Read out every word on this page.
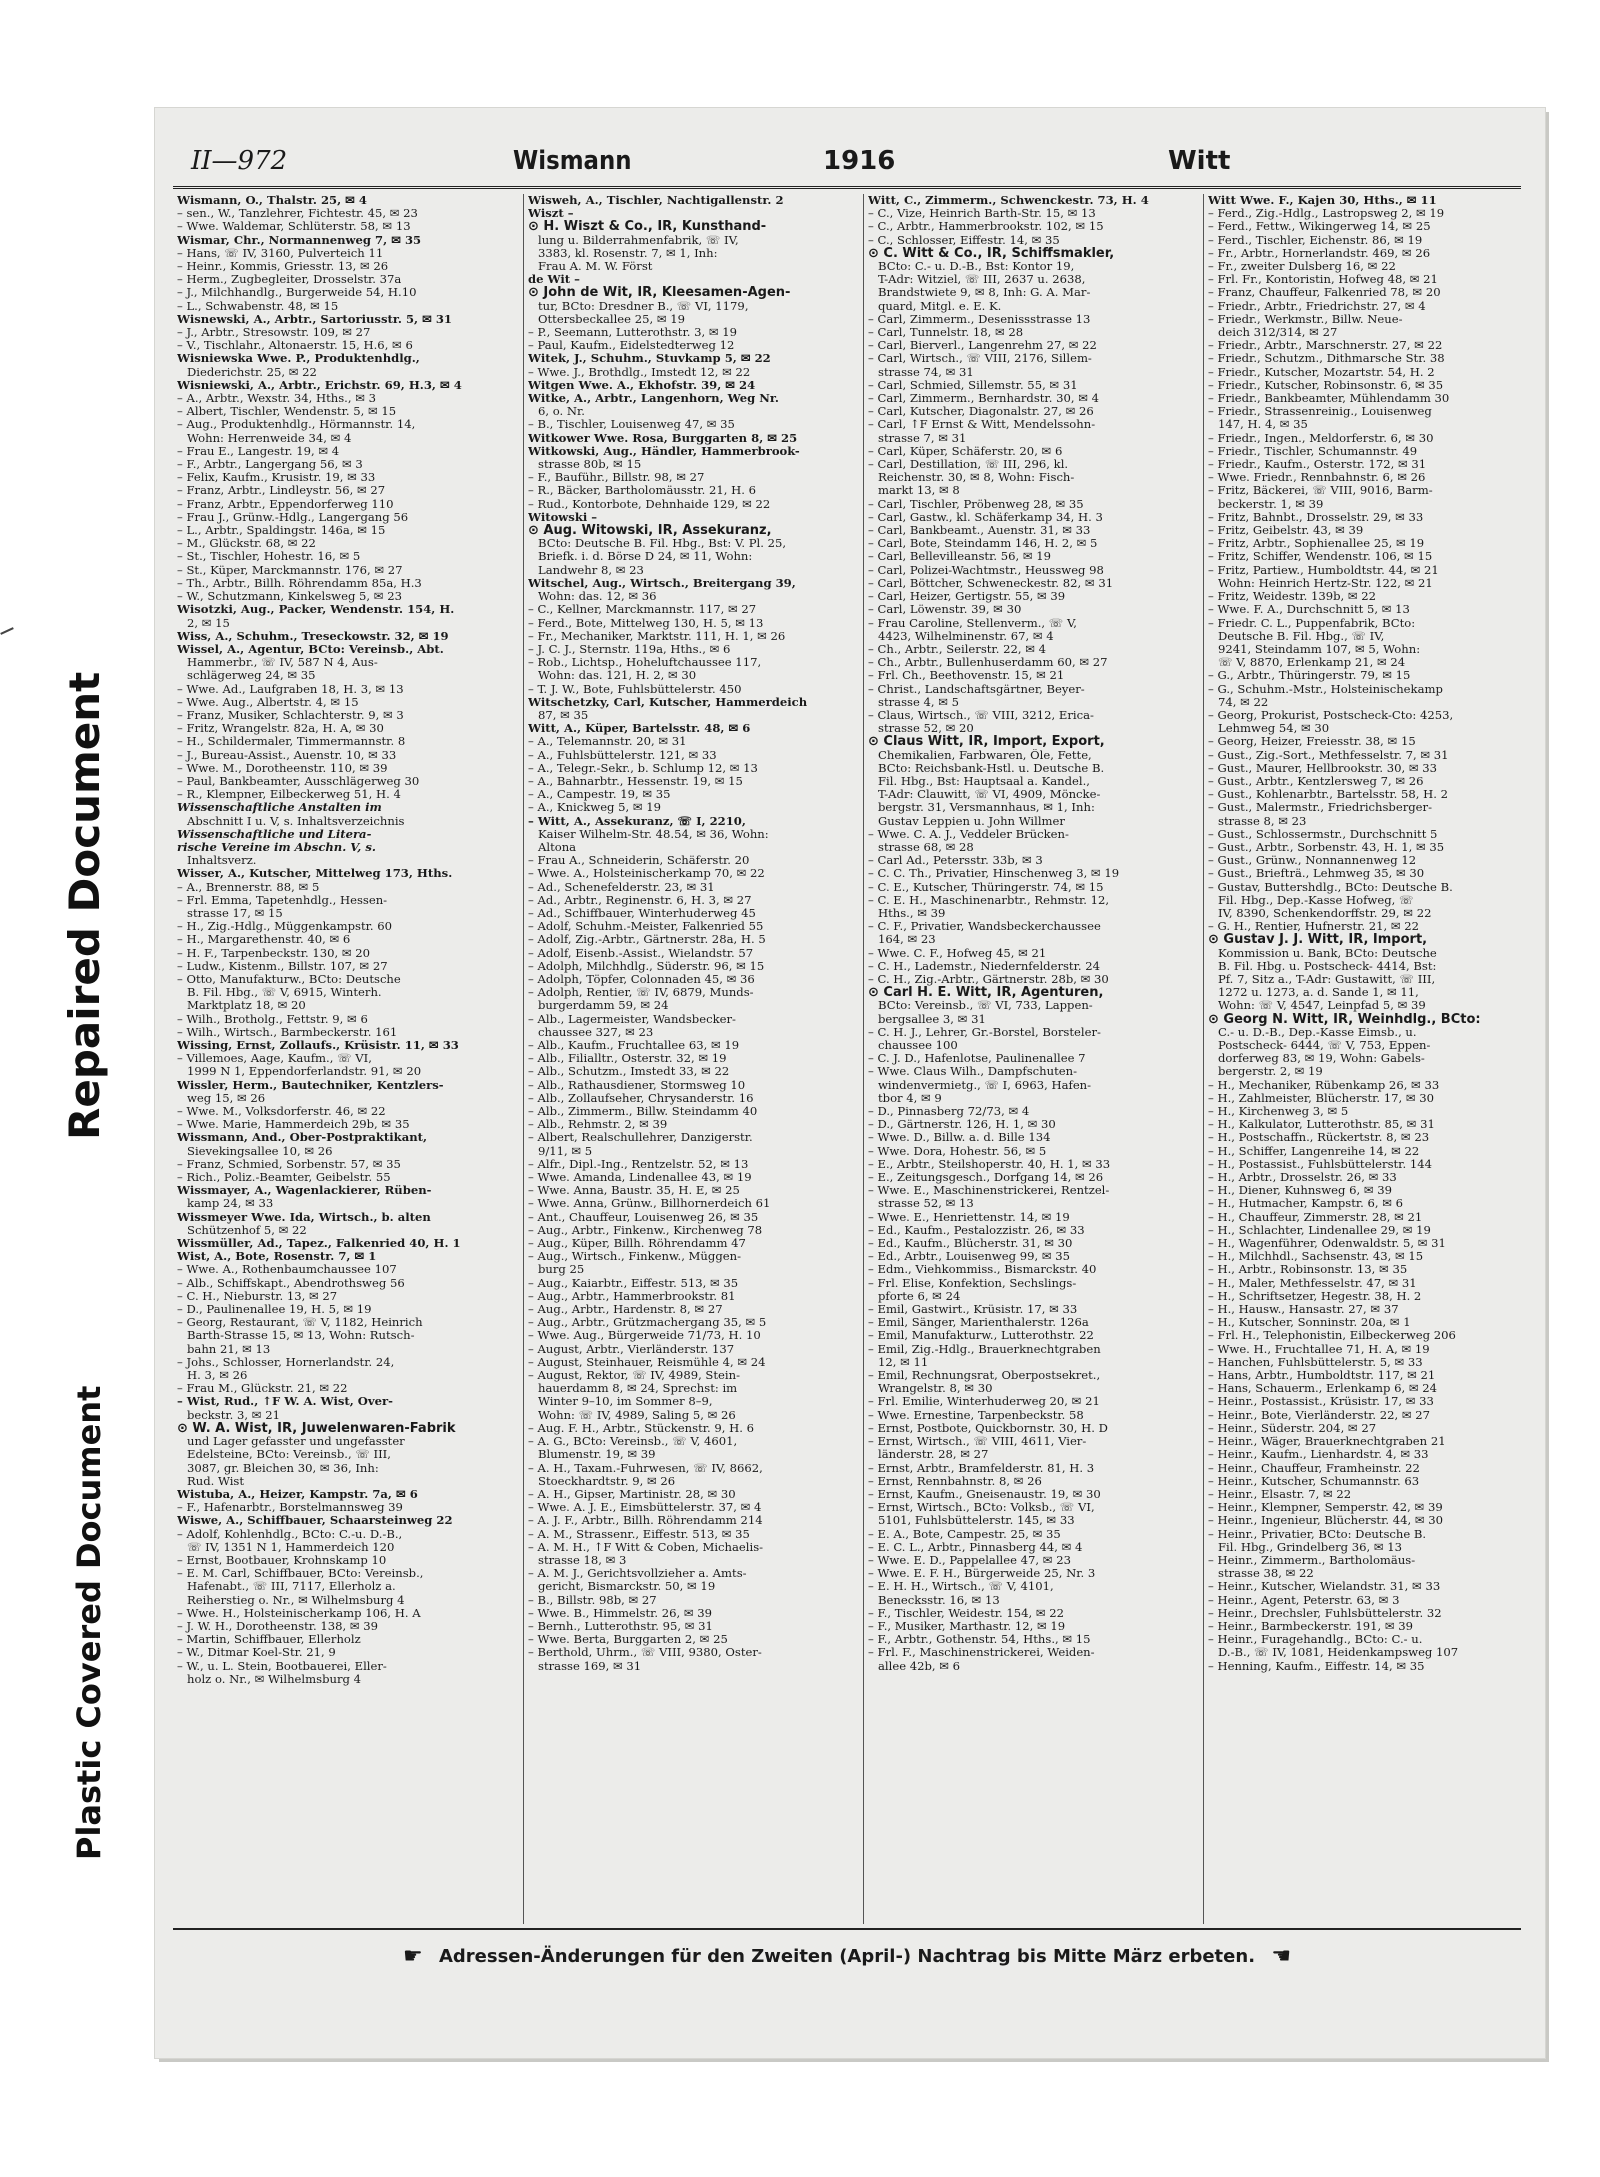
Repaired Document
Plastic Covered Document
II—972	Wismann	1916	Witt
Wismann, O., Thalstr. 25, ✉ 4
– sen., W., Tanzlehrer, Fichtestr. 45, ✉ 23
– Wwe. Waldemar, Schlüterstr. 58, ✉ 13
Wismar, Chr., Normannenweg 7, ✉ 35
– Hans, ☏ IV, 3160, Pulverteich 11
– Heinr., Kommis, Griesstr. 13, ✉ 26
– Herm., Zugbegleiter, Drosselstr. 37a
– J., Milchhandlg., Burgerweide 54, H.10
– L., Schwabenstr. 48, ✉ 15
Wisnewski, A., Arbtr., Sartoriusstr. 5, ✉ 31
– J., Arbtr., Stresowstr. 109, ✉ 27
– V., Tischlahr., Altonaerstr. 15, H.6, ✉ 6
Wisniewska Wwe. P., Produktenhdlg.,
Diederichstr. 25, ✉ 22
Wisniewski, A., Arbtr., Erichstr. 69, H.3, ✉ 4
– A., Arbtr., Wexstr. 34, Hths., ✉ 3
– Albert, Tischler, Wendenstr. 5, ✉ 15
– Aug., Produktenhdlg., Hörmannstr. 14,
Wohn: Herrenweide 34, ✉ 4
– Frau E., Langestr. 19, ✉ 4
– F., Arbtr., Langergang 56, ✉ 3
– Felix, Kaufm., Krusistr. 19, ✉ 33
– Franz, Arbtr., Lindleystr. 56, ✉ 27
– Franz, Arbtr., Eppendorferweg 110
– Frau J., Grünw.-Hdlg., Langergang 56
– L., Arbtr., Spaldingstr. 146a, ✉ 15
– M., Glückstr. 68, ✉ 22
– St., Tischler, Hohestr. 16, ✉ 5
– St., Küper, Marckmannstr. 176, ✉ 27
– Th., Arbtr., Billh. Röhrendamm 85a, H.3
– W., Schutzmann, Kinkelsweg 5, ✉ 23
Wisotzki, Aug., Packer, Wendenstr. 154, H.
2, ✉ 15
Wiss, A., Schuhm., Treseckowstr. 32, ✉ 19
Wissel, A., Agentur, BCto: Vereinsb., Abt.
Hammerbr., ☏ IV, 587 N 4, Aus-
schlägerweg 24, ✉ 35
– Wwe. Ad., Laufgraben 18, H. 3, ✉ 13
– Wwe. Aug., Albertstr. 4, ✉ 15
– Franz, Musiker, Schlachterstr. 9, ✉ 3
– Fritz, Wrangelstr. 82a, H. A, ✉ 30
– H., Schildermaler, Timmermannstr. 8
– J., Bureau-Assist., Auenstr. 10, ✉ 33
– Wwe. M., Dorotheenstr. 110, ✉ 39
– Paul, Bankbeamter, Ausschlägerweg 30
– R., Klempner, Eilbeckerweg 51, H. 4
Wissenschaftliche Anstalten im
Abschnitt I u. V, s. Inhaltsverzeichnis
Wissenschaftliche und Litera-
rische Vereine im Abschn. V, s.
Inhaltsverz.
Wisser, A., Kutscher, Mittelweg 173, Hths.
– A., Brennerstr. 88, ✉ 5
– Frl. Emma, Tapetenhdlg., Hessen-
strasse 17, ✉ 15
– H., Zig.-Hdlg., Müggenkampstr. 60
– H., Margarethenstr. 40, ✉ 6
– H. F., Tarpenbeckstr. 130, ✉ 20
– Ludw., Kistenm., Billstr. 107, ✉ 27
– Otto, Manufakturw., BCto: Deutsche
B. Fil. Hbg., ☏ V, 6915, Winterh.
Marktplatz 18, ✉ 20
– Wilh., Brotholg., Fettstr. 9, ✉ 6
– Wilh., Wirtsch., Barmbeckerstr. 161
Wissing, Ernst, Zollaufs., Krüsistr. 11, ✉ 33
– Villemoes, Aage, Kaufm., ☏ VI,
1999 N 1, Eppendorferlandstr. 91, ✉ 20
Wissler, Herm., Bautechniker, Kentzlers-
weg 15, ✉ 26
– Wwe. M., Volksdorferstr. 46, ✉ 22
– Wwe. Marie, Hammerdeich 29b, ✉ 35
Wissmann, And., Ober-Postpraktikant,
Sievekingsallee 10, ✉ 26
– Franz, Schmied, Sorbenstr. 57, ✉ 35
– Rich., Poliz.-Beamter, Geibelstr. 55
Wissmayer, A., Wagenlackierer, Rüben-
kamp 24, ✉ 33
Wissmeyer Wwe. Ida, Wirtsch., b. alten
Schützenhof 5, ✉ 22
Wissmüller, Ad., Tapez., Falkenried 40, H. 1
Wist, A., Bote, Rosenstr. 7, ✉ 1
– Wwe. A., Rothenbaumchaussee 107
– Alb., Schiffskapt., Abendrothsweg 56
– C. H., Nieburstr. 13, ✉ 27
– D., Paulinenallee 19, H. 5, ✉ 19
– Georg, Restaurant, ☏ V, 1182, Heinrich
Barth-Strasse 15, ✉ 13, Wohn: Rutsch-
bahn 21, ✉ 13
– Johs., Schlosser, Hornerlandstr. 24,
H. 3, ✉ 26
– Frau M., Glückstr. 21, ✉ 22
– Wist, Rud., ↑F W. A. Wist, Over-
beckstr. 3, ✉ 21
⊙ W. A. Wist, IR, Juwelenwaren-Fabrik
und Lager gefasster und ungefasster
Edelsteine, BCto: Vereinsb., ☏ III,
3087, gr. Bleichen 30, ✉ 36, Inh:
Rud. Wist
Wistuba, A., Heizer, Kampstr. 7a, ✉ 6
– F., Hafenarbtr., Borstelmannsweg 39
Wiswe, A., Schiffbauer, Schaarsteinweg 22
– Adolf, Kohlenhdlg., BCto: C.-u. D.-B.,
☏ IV, 1351 N 1, Hammerdeich 120
– Ernst, Bootbauer, Krohnskamp 10
– E. M. Carl, Schiffbauer, BCto: Vereinsb.,
Hafenabt., ☏ III, 7117, Ellerholz a.
Reiherstieg o. Nr., ✉ Wilhelmsburg 4
– Wwe. H., Holsteinischerkamp 106, H. A
– J. W. H., Dorotheenstr. 138, ✉ 39
– Martin, Schiffbauer, Ellerholz
– W., Ditmar Koel-Str. 21, 9
– W., u. L. Stein, Bootbauerei, Eller-
holz o. Nr., ✉ Wilhelmsburg 4
Wisweh, A., Tischler, Nachtigallenstr. 2
Wiszt –
⊙ H. Wiszt & Co., IR, Kunsthand-
lung u. Bilderrahmenfabrik, ☏ IV,
3383, kl. Rosenstr. 7, ✉ 1, Inh:
Frau A. M. W. Först
de Wit –
⊙ John de Wit, IR, Kleesamen-Agen-
tur, BCto: Dresdner B., ☏ VI, 1179,
Ottersbeckallee 25, ✉ 19
– P., Seemann, Lutterothstr. 3, ✉ 19
– Paul, Kaufm., Eidelstedterweg 12
Witek, J., Schuhm., Stuvkamp 5, ✉ 22
– Wwe. J., Brothdlg., Imstedt 12, ✉ 22
Witgen Wwe. A., Ekhofstr. 39, ✉ 24
Witke, A., Arbtr., Langenhorn, Weg Nr.
6, o. Nr.
– B., Tischler, Louisenweg 47, ✉ 35
Witkower Wwe. Rosa, Burggarten 8, ✉ 25
Witkowski, Aug., Händler, Hammerbrook-
strasse 80b, ✉ 15
– F., Bauführ., Billstr. 98, ✉ 27
– R., Bäcker, Bartholomäusstr. 21, H. 6
– Rud., Kontorbote, Dehnhaide 129, ✉ 22
Witowski –
⊙ Aug. Witowski, IR, Assekuranz,
BCto: Deutsche B. Fil. Hbg., Bst: V. Pl. 25,
Briefk. i. d. Börse D 24, ✉ 11, Wohn:
Landwehr 8, ✉ 23
Witschel, Aug., Wirtsch., Breitergang 39,
Wohn: das. 12, ✉ 36
– C., Kellner, Marckmannstr. 117, ✉ 27
– Ferd., Bote, Mittelweg 130, H. 5, ✉ 13
– Fr., Mechaniker, Marktstr. 111, H. 1, ✉ 26
– J. C. J., Sternstr. 119a, Hths., ✉ 6
– Rob., Lichtsp., Hoheluftchaussee 117,
Wohn: das. 121, H. 2, ✉ 30
– T. J. W., Bote, Fuhlsbüttelerstr. 450
Witschetzky, Carl, Kutscher, Hammerdeich
87, ✉ 35
Witt, A., Küper, Bartelsstr. 48, ✉ 6
– A., Telemannstr. 20, ✉ 31
– A., Fuhlsbüttelerstr. 121, ✉ 33
– A., Telegr.-Sekr., b. Schlump 12, ✉ 13
– A., Bahnarbtr., Hessenstr. 19, ✉ 15
– A., Campestr. 19, ✉ 35
– A., Knickweg 5, ✉ 19
– Witt, A., Assekuranz, ☏ I, 2210,
Kaiser Wilhelm-Str. 48.54, ✉ 36, Wohn:
Altona
– Frau A., Schneiderin, Schäferstr. 20
– Wwe. A., Holsteinischerkamp 70, ✉ 22
– Ad., Schenefelderstr. 23, ✉ 31
– Ad., Arbtr., Reginenstr. 6, H. 3, ✉ 27
– Ad., Schiffbauer, Winterhuderweg 45
– Adolf, Schuhm.-Meister, Falkenried 55
– Adolf, Zig.-Arbtr., Gärtnerstr. 28a, H. 5
– Adolf, Eisenb.-Assist., Wielandstr. 57
– Adolph, Milchhdlg., Süderstr. 96, ✉ 15
– Adolph, Töpfer, Colonnaden 45, ✉ 36
– Adolph, Rentier, ☏ IV, 6879, Munds-
burgerdamm 59, ✉ 24
– Alb., Lagermeister, Wandsbecker-
chaussee 327, ✉ 23
– Alb., Kaufm., Fruchtallee 63, ✉ 19
– Alb., Filialltr., Osterstr. 32, ✉ 19
– Alb., Schutzm., Imstedt 33, ✉ 22
– Alb., Rathausdiener, Stormsweg 10
– Alb., Zollaufseher, Chrysanderstr. 16
– Alb., Zimmerm., Billw. Steindamm 40
– Alb., Rehmstr. 2, ✉ 39
– Albert, Realschullehrer, Danzigerstr.
9/11, ✉ 5
– Alfr., Dipl.-Ing., Rentzelstr. 52, ✉ 13
– Wwe. Amanda, Lindenallee 43, ✉ 19
– Wwe. Anna, Baustr. 35, H. E, ✉ 25
– Wwe. Anna, Grünw., Billhornerdeich 61
– Ant., Chauffeur, Louisenweg 26, ✉ 35
– Aug., Arbtr., Finkenw., Kirchenweg 78
– Aug., Küper, Billh. Röhrendamm 47
– Aug., Wirtsch., Finkenw., Müggen-
burg 25
– Aug., Kaiarbtr., Eiffestr. 513, ✉ 35
– Aug., Arbtr., Hammerbrookstr. 81
– Aug., Arbtr., Hardenstr. 8, ✉ 27
– Aug., Arbtr., Grützmachergang 35, ✉ 5
– Wwe. Aug., Bürgerweide 71/73, H. 10
– August, Arbtr., Vierländerstr. 137
– August, Steinhauer, Reismühle 4, ✉ 24
– August, Rektor, ☏ IV, 4989, Stein-
hauerdamm 8, ✉ 24, Sprechst: im
Winter 9–10, im Sommer 8–9,
Wohn: ☏ IV, 4989, Saling 5, ✉ 26
– Aug. F. H., Arbtr., Stückenstr. 9, H. 6
– A. G., BCto: Vereinsb., ☏ V, 4601,
Blumenstr. 19, ✉ 39
– A. H., Taxam.-Fuhrwesen, ☏ IV, 8662,
Stoeckhardtstr. 9, ✉ 26
– A. H., Gipser, Martinistr. 28, ✉ 30
– Wwe. A. J. E., Eimsbüttelerstr. 37, ✉ 4
– A. J. F., Arbtr., Billh. Röhrendamm 214
– A. M., Strassenr., Eiffestr. 513, ✉ 35
– A. M. H., ↑F Witt & Coben, Michaelis-
strasse 18, ✉ 3
– A. M. J., Gerichtsvollzieher a. Amts-
gericht, Bismarckstr. 50, ✉ 19
– B., Billstr. 98b, ✉ 27
– Wwe. B., Himmelstr. 26, ✉ 39
– Bernh., Lutterothstr. 95, ✉ 31
– Wwe. Berta, Burggarten 2, ✉ 25
– Berthold, Uhrm., ☏ VIII, 9380, Oster-
strasse 169, ✉ 31
Witt, C., Zimmerm., Schwenckestr. 73, H. 4
– C., Vize, Heinrich Barth-Str. 15, ✉ 13
– C., Arbtr., Hammerbrookstr. 102, ✉ 15
– C., Schlosser, Eiffestr. 14, ✉ 35
⊙ C. Witt & Co., IR, Schiffsmakler,
BCto: C.- u. D.-B., Bst: Kontor 19,
T-Adr: Witziel, ☏ III, 2637 u. 2638,
Brandstwiete 9, ✉ 8, Inh: G. A. Mar-
quard, Mitgl. e. E. K.
– Carl, Zimmerm., Desenissstrasse 13
– Carl, Tunnelstr. 18, ✉ 28
– Carl, Bierverl., Langenrehm 27, ✉ 22
– Carl, Wirtsch., ☏ VIII, 2176, Sillem-
strasse 74, ✉ 31
– Carl, Schmied, Sillemstr. 55, ✉ 31
– Carl, Zimmerm., Bernhardstr. 30, ✉ 4
– Carl, Kutscher, Diagonalstr. 27, ✉ 26
– Carl, ↑F Ernst & Witt, Mendelssohn-
strasse 7, ✉ 31
– Carl, Küper, Schäferstr. 20, ✉ 6
– Carl, Destillation, ☏ III, 296, kl.
Reichenstr. 30, ✉ 8, Wohn: Fisch-
markt 13, ✉ 8
– Carl, Tischler, Pröbenweg 28, ✉ 35
– Carl, Gastw., kl. Schäferkamp 34, H. 3
– Carl, Bankbeamt., Auenstr. 31, ✉ 33
– Carl, Bote, Steindamm 146, H. 2, ✉ 5
– Carl, Bellevilleanstr. 56, ✉ 19
– Carl, Polizei-Wachtmstr., Heussweg 98
– Carl, Böttcher, Schweneckestr. 82, ✉ 31
– Carl, Heizer, Gertigstr. 55, ✉ 39
– Carl, Löwenstr. 39, ✉ 30
– Frau Caroline, Stellenverm., ☏ V,
4423, Wilhelminenstr. 67, ✉ 4
– Ch., Arbtr., Seilerstr. 22, ✉ 4
– Ch., Arbtr., Bullenhuserdamm 60, ✉ 27
– Frl. Ch., Beethovenstr. 15, ✉ 21
– Christ., Landschaftsgärtner, Beyer-
strasse 4, ✉ 5
– Claus, Wirtsch., ☏ VIII, 3212, Erica-
strasse 52, ✉ 20
⊙ Claus Witt, IR, Import, Export,
Chemikalien, Farbwaren, Öle, Fette,
BCto: Reichsbank-Hstl. u. Deutsche B.
Fil. Hbg., Bst: Hauptsaal a. Kandel.,
T-Adr: Clauwitt, ☏ VI, 4909, Möncke-
bergstr. 31, Versmannhaus, ✉ 1, Inh:
Gustav Leppien u. John Willmer
– Wwe. C. A. J., Veddeler Brücken-
strasse 68, ✉ 28
– Carl Ad., Petersstr. 33b, ✉ 3
– C. C. Th., Privatier, Hinschenweg 3, ✉ 19
– C. E., Kutscher, Thüringerstr. 74, ✉ 15
– C. E. H., Maschinenarbtr., Rehmstr. 12,
Hths., ✉ 39
– C. F., Privatier, Wandsbeckerchaussee
164, ✉ 23
– Wwe. C. F., Hofweg 45, ✉ 21
– C. H., Lademstr., Niedernfelderstr. 24
– C. H., Zig.-Arbtr., Gärtnerstr. 28b, ✉ 30
⊙ Carl H. E. Witt, IR, Agenturen,
BCto: Vereinsb., ☏ VI, 733, Lappen-
bergsallee 3, ✉ 31
– C. H. J., Lehrer, Gr.-Borstel, Borsteler-
chaussee 100
– C. J. D., Hafenlotse, Paulinenallee 7
– Wwe. Claus Wilh., Dampfschuten-
windenvermietg., ☏ I, 6963, Hafen-
tbor 4, ✉ 9
– D., Pinnasberg 72/73, ✉ 4
– D., Gärtnerstr. 126, H. 1, ✉ 30
– Wwe. D., Billw. a. d. Bille 134
– Wwe. Dora, Hohestr. 56, ✉ 5
– E., Arbtr., Steilshoperstr. 40, H. 1, ✉ 33
– E., Zeitungsgesch., Dorfgang 14, ✉ 26
– Wwe. E., Maschinenstrickerei, Rentzel-
strasse 52, ✉ 13
– Wwe. E., Henriettenstr. 14, ✉ 19
– Ed., Kaufm., Pestalozzistr. 26, ✉ 33
– Ed., Kaufm., Blücherstr. 31, ✉ 30
– Ed., Arbtr., Louisenweg 99, ✉ 35
– Edm., Viehkommiss., Bismarckstr. 40
– Frl. Elise, Konfektion, Sechslings-
pforte 6, ✉ 24
– Emil, Gastwirt., Krüsistr. 17, ✉ 33
– Emil, Sänger, Marienthalerstr. 126a
– Emil, Manufakturw., Lutterothstr. 22
– Emil, Zig.-Hdlg., Brauerknechtgraben
12, ✉ 11
– Emil, Rechnungsrat, Oberpostsekret.,
Wrangelstr. 8, ✉ 30
– Frl. Emilie, Winterhuderweg 20, ✉ 21
– Wwe. Ernestine, Tarpenbeckstr. 58
– Ernst, Postbote, Quickbornstr. 30, H. D
– Ernst, Wirtsch., ☏ VIII, 4611, Vier-
länderstr. 28, ✉ 27
– Ernst, Arbtr., Bramfelderstr. 81, H. 3
– Ernst, Rennbahnstr. 8, ✉ 26
– Ernst, Kaufm., Gneisenaustr. 19, ✉ 30
– Ernst, Wirtsch., BCto: Volksb., ☏ VI,
5101, Fuhlsbüttelerstr. 145, ✉ 33
– E. A., Bote, Campestr. 25, ✉ 35
– E. C. L., Arbtr., Pinnasberg 44, ✉ 4
– Wwe. E. D., Pappelallee 47, ✉ 23
– Wwe. E. F. H., Bürgerweide 25, Nr. 3
– E. H. H., Wirtsch., ☏ V, 4101,
Benecksstr. 16, ✉ 13
– F., Tischler, Weidestr. 154, ✉ 22
– F., Musiker, Marthastr. 12, ✉ 19
– F., Arbtr., Gothenstr. 54, Hths., ✉ 15
– Frl. F., Maschinenstrickerei, Weiden-
allee 42b, ✉ 6
Witt Wwe. F., Kajen 30, Hths., ✉ 11
– Ferd., Zig.-Hdlg., Lastropsweg 2, ✉ 19
– Ferd., Fettw., Wikingerweg 14, ✉ 25
– Ferd., Tischler, Eichenstr. 86, ✉ 19
– Fr., Arbtr., Hornerlandstr. 469, ✉ 26
– Fr., zweiter Dulsberg 16, ✉ 22
– Frl. Fr., Kontoristin, Hofweg 48, ✉ 21
– Franz, Chauffeur, Falkenried 78, ✉ 20
– Friedr., Arbtr., Friedrichstr. 27, ✉ 4
– Friedr., Werkmstr., Billw. Neue-
deich 312/314, ✉ 27
– Friedr., Arbtr., Marschnerstr. 27, ✉ 22
– Friedr., Schutzm., Dithmarsche Str. 38
– Friedr., Kutscher, Mozartstr. 54, H. 2
– Friedr., Kutscher, Robinsonstr. 6, ✉ 35
– Friedr., Bankbeamter, Mühlendamm 30
– Friedr., Strassenreinig., Louisenweg
147, H. 4, ✉ 35
– Friedr., Ingen., Meldorferstr. 6, ✉ 30
– Friedr., Tischler, Schumannstr. 49
– Friedr., Kaufm., Osterstr. 172, ✉ 31
– Wwe. Friedr., Rennbahnstr. 6, ✉ 26
– Fritz, Bäckerei, ☏ VIII, 9016, Barm-
beckerstr. 1, ✉ 39
– Fritz, Bahnbt., Drosselstr. 29, ✉ 33
– Fritz, Geibelstr. 43, ✉ 39
– Fritz, Arbtr., Sophienallee 25, ✉ 19
– Fritz, Schiffer, Wendenstr. 106, ✉ 15
– Fritz, Partiew., Humboldtstr. 44, ✉ 21
Wohn: Heinrich Hertz-Str. 122, ✉ 21
– Fritz, Weidestr. 139b, ✉ 22
– Wwe. F. A., Durchschnitt 5, ✉ 13
– Friedr. C. L., Puppenfabrik, BCto:
Deutsche B. Fil. Hbg., ☏ IV,
9241, Steindamm 107, ✉ 5, Wohn:
☏ V, 8870, Erlenkamp 21, ✉ 24
– G., Arbtr., Thüringerstr. 79, ✉ 15
– G., Schuhm.-Mstr., Holsteinischekamp
74, ✉ 22
– Georg, Prokurist, Postscheck-Cto: 4253,
Lehmweg 54, ✉ 30
– Georg, Heizer, Freiesstr. 38, ✉ 15
– Gust., Zig.-Sort., Methfesselstr. 7, ✉ 31
– Gust., Maurer, Hellbrookstr. 30, ✉ 33
– Gust., Arbtr., Kentzlersweg 7, ✉ 26
– Gust., Kohlenarbtr., Bartelsstr. 58, H. 2
– Gust., Malermstr., Friedrichsberger-
strasse 8, ✉ 23
– Gust., Schlossermstr., Durchschnitt 5
– Gust., Arbtr., Sorbenstr. 43, H. 1, ✉ 35
– Gust., Grünw., Nonnannenweg 12
– Gust., Briefträ., Lehmweg 35, ✉ 30
– Gustav, Buttershdlg., BCto: Deutsche B.
Fil. Hbg., Dep.-Kasse Hofweg, ☏
IV, 8390, Schenkendorffstr. 29, ✉ 22
– G. H., Rentier, Hufnerstr. 21, ✉ 22
⊙ Gustav J. J. Witt, IR, Import,
Kommission u. Bank, BCto: Deutsche
B. Fil. Hbg. u. Postscheck- 4414, Bst:
Pf. 7, Sitz a., T-Adr: Gustawitt, ☏ III,
1272 u. 1273, a. d. Sande 1, ✉ 11,
Wohn: ☏ V, 4547, Leinpfad 5, ✉ 39
⊙ Georg N. Witt, IR, Weinhdlg., BCto:
C.- u. D.-B., Dep.-Kasse Eimsb., u.
Postscheck- 6444, ☏ V, 753, Eppen-
dorferweg 83, ✉ 19, Wohn: Gabels-
bergerstr. 2, ✉ 19
– H., Mechaniker, Rübenkamp 26, ✉ 33
– H., Zahlmeister, Blücherstr. 17, ✉ 30
– H., Kirchenweg 3, ✉ 5
– H., Kalkulator, Lutterothstr. 85, ✉ 31
– H., Postschaffn., Rückertstr. 8, ✉ 23
– H., Schiffer, Langenreihe 14, ✉ 22
– H., Postassist., Fuhlsbüttelerstr. 144
– H., Arbtr., Drosselstr. 26, ✉ 33
– H., Diener, Kuhnsweg 6, ✉ 39
– H., Hutmacher, Kampstr. 6, ✉ 6
– H., Chauffeur, Zimmerstr. 28, ✉ 21
– H., Schlachter, Lindenallee 29, ✉ 19
– H., Wagenführer, Odenwaldstr. 5, ✉ 31
– H., Milchhdl., Sachsenstr. 43, ✉ 15
– H., Arbtr., Robinsonstr. 13, ✉ 35
– H., Maler, Methfesselstr. 47, ✉ 31
– H., Schriftsetzer, Hegestr. 38, H. 2
– H., Hausw., Hansastr. 27, ✉ 37
– H., Kutscher, Sonninstr. 20a, ✉ 1
– Frl. H., Telephonistin, Eilbeckerweg 206
– Wwe. H., Fruchtallee 71, H. A, ✉ 19
– Hanchen, Fuhlsbüttelerstr. 5, ✉ 33
– Hans, Arbtr., Humboldtstr. 117, ✉ 21
– Hans, Schauerm., Erlenkamp 6, ✉ 24
– Heinr., Postassist., Krüsistr. 17, ✉ 33
– Heinr., Bote, Vierländerstr. 22, ✉ 27
– Heinr., Süderstr. 204, ✉ 27
– Heinr., Wäger, Brauerknechtgraben 21
– Heinr., Kaufm., Lienhardstr. 4, ✉ 33
– Heinr., Chauffeur, Framheinstr. 22
– Heinr., Kutscher, Schumannstr. 63
– Heinr., Elsastr. 7, ✉ 22
– Heinr., Klempner, Semperstr. 42, ✉ 39
– Heinr., Ingenieur, Blücherstr. 44, ✉ 30
– Heinr., Privatier, BCto: Deutsche B.
Fil. Hbg., Grindelberg 36, ✉ 13
– Heinr., Zimmerm., Bartholomäus-
strasse 38, ✉ 22
– Heinr., Kutscher, Wielandstr. 31, ✉ 33
– Heinr., Agent, Peterstr. 63, ✉ 3
– Heinr., Drechsler, Fuhlsbüttelerstr. 32
– Heinr., Barmbeckerstr. 191, ✉ 39
– Heinr., Furagehandlg., BCto: C.- u.
D.-B., ☏ IV, 1081, Heidenkampsweg 107
– Henning, Kaufm., Eiffestr. 14, ✉ 35
☛ Adressen-Änderungen für den Zweiten (April-) Nachtrag bis Mitte März erbeten. ☚
